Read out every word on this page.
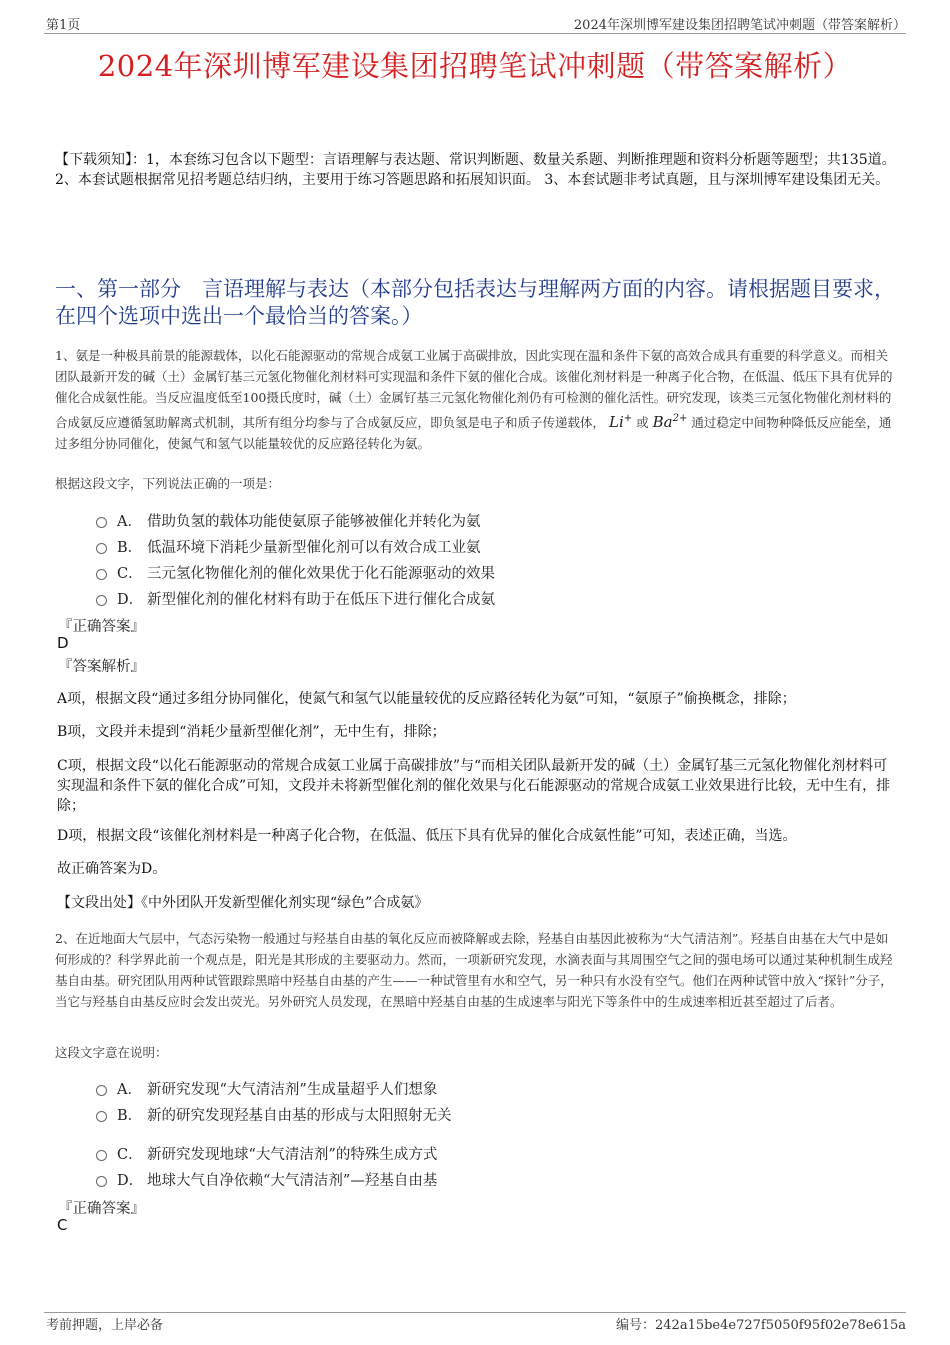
第1页	2024年深圳博军建设集团招聘笔试冲刺题（带答案解析）
2024年深圳博军建设集团招聘笔试冲刺题（带答案解析）
【下载须知】：1，本套练习包含以下题型：言语理解与表达题、常识判断题、数量关系题、判断推理题和资料分析题等题型；共135道。 2、本套试题根据常见招考题总结归纳，主要用于练习答题思路和拓展知识面。 3、本套试题非考试真题，且与深圳博军建设集团无关。
一、第一部分　言语理解与表达（本部分包括表达与理解两方面的内容。请根据题目要求，在四个选项中选出一个最恰当的答案。）
1、氨是一种极具前景的能源载体，以化石能源驱动的常规合成氨工业属于高碳排放，因此实现在温和条件下氨的高效合成具有重要的科学意义。而相关团队最新开发的碱（土）金属钌基三元氢化物催化剂材料可实现温和条件下氨的催化合成。该催化剂材料是一种离子化合物，在低温、低压下具有优异的催化合成氨性能。当反应温度低至100摄氏度时，碱（土）金属钌基三元氢化物催化剂仍有可检测的催化活性。研究发现，该类三元氢化物催化剂材料的合成氨反应遵循氢助解离式机制，其所有组分均参与了合成氨反应，即负氢是电子和质子传递载体， Li+ 或 $Ba^{2+}$ 通过稳定中间物种降低反应能垒，通过多组分协同催化，使氮气和氢气以能量较优的反应路径转化为氨。
根据这段文字，下列说法正确的一项是：
A． 借助负氢的载体功能使氨原子能够被催化并转化为氨
B． 低温环境下消耗少量新型催化剂可以有效合成工业氨
C． 三元氢化物催化剂的催化效果优于化石能源驱动的效果
D． 新型催化剂的催化材料有助于在低压下进行催化合成氨
『正确答案』
D
『答案解析』
A项，根据文段“通过多组分协同催化，使氮气和氢气以能量较优的反应路径转化为氨”可知，“氨原子”偷换概念，排除；
B项，文段并未提到“消耗少量新型催化剂”，无中生有，排除；
C项，根据文段“以化石能源驱动的常规合成氨工业属于高碳排放”与“而相关团队最新开发的碱（土）金属钌基三元氢化物催化剂材料可实现温和条件下氨的催化合成”可知，文段并未将新型催化剂的催化效果与化石能源驱动的常规合成氨工业效果进行比较，无中生有，排除；
D项，根据文段“该催化剂材料是一种离子化合物，在低温、低压下具有优异的催化合成氨性能”可知，表述正确，当选。
故正确答案为D。
【文段出处】《中外团队开发新型催化剂实现“绿色”合成氨》
2、在近地面大气层中，气态污染物一般通过与羟基自由基的氧化反应而被降解或去除，羟基自由基因此被称为“大气清洁剂”。羟基自由基在大气中是如何形成的？科学界此前一个观点是，阳光是其形成的主要驱动力。然而，一项新研究发现，水滴表面与其周围空气之间的强电场可以通过某种机制生成羟基自由基。研究团队用两种试管跟踪黑暗中羟基自由基的产生——一种试管里有水和空气，另一种只有水没有空气。他们在两种试管中放入“探针”分子，当它与羟基自由基反应时会发出荧光。另外研究人员发现，在黑暗中羟基自由基的生成速率与阳光下等条件中的生成速率相近甚至超过了后者。
这段文字意在说明：
A． 新研究发现“大气清洁剂”生成量超乎人们想象
B． 新的研究发现羟基自由基的形成与太阳照射无关
C． 新研究发现地球“大气清洁剂”的特殊生成方式
D． 地球大气自净依赖“大气清洁剂”—羟基自由基
『正确答案』
C
考前押题，上岸必备	编号：242a15be4e727f5050f95f02e78e615a
